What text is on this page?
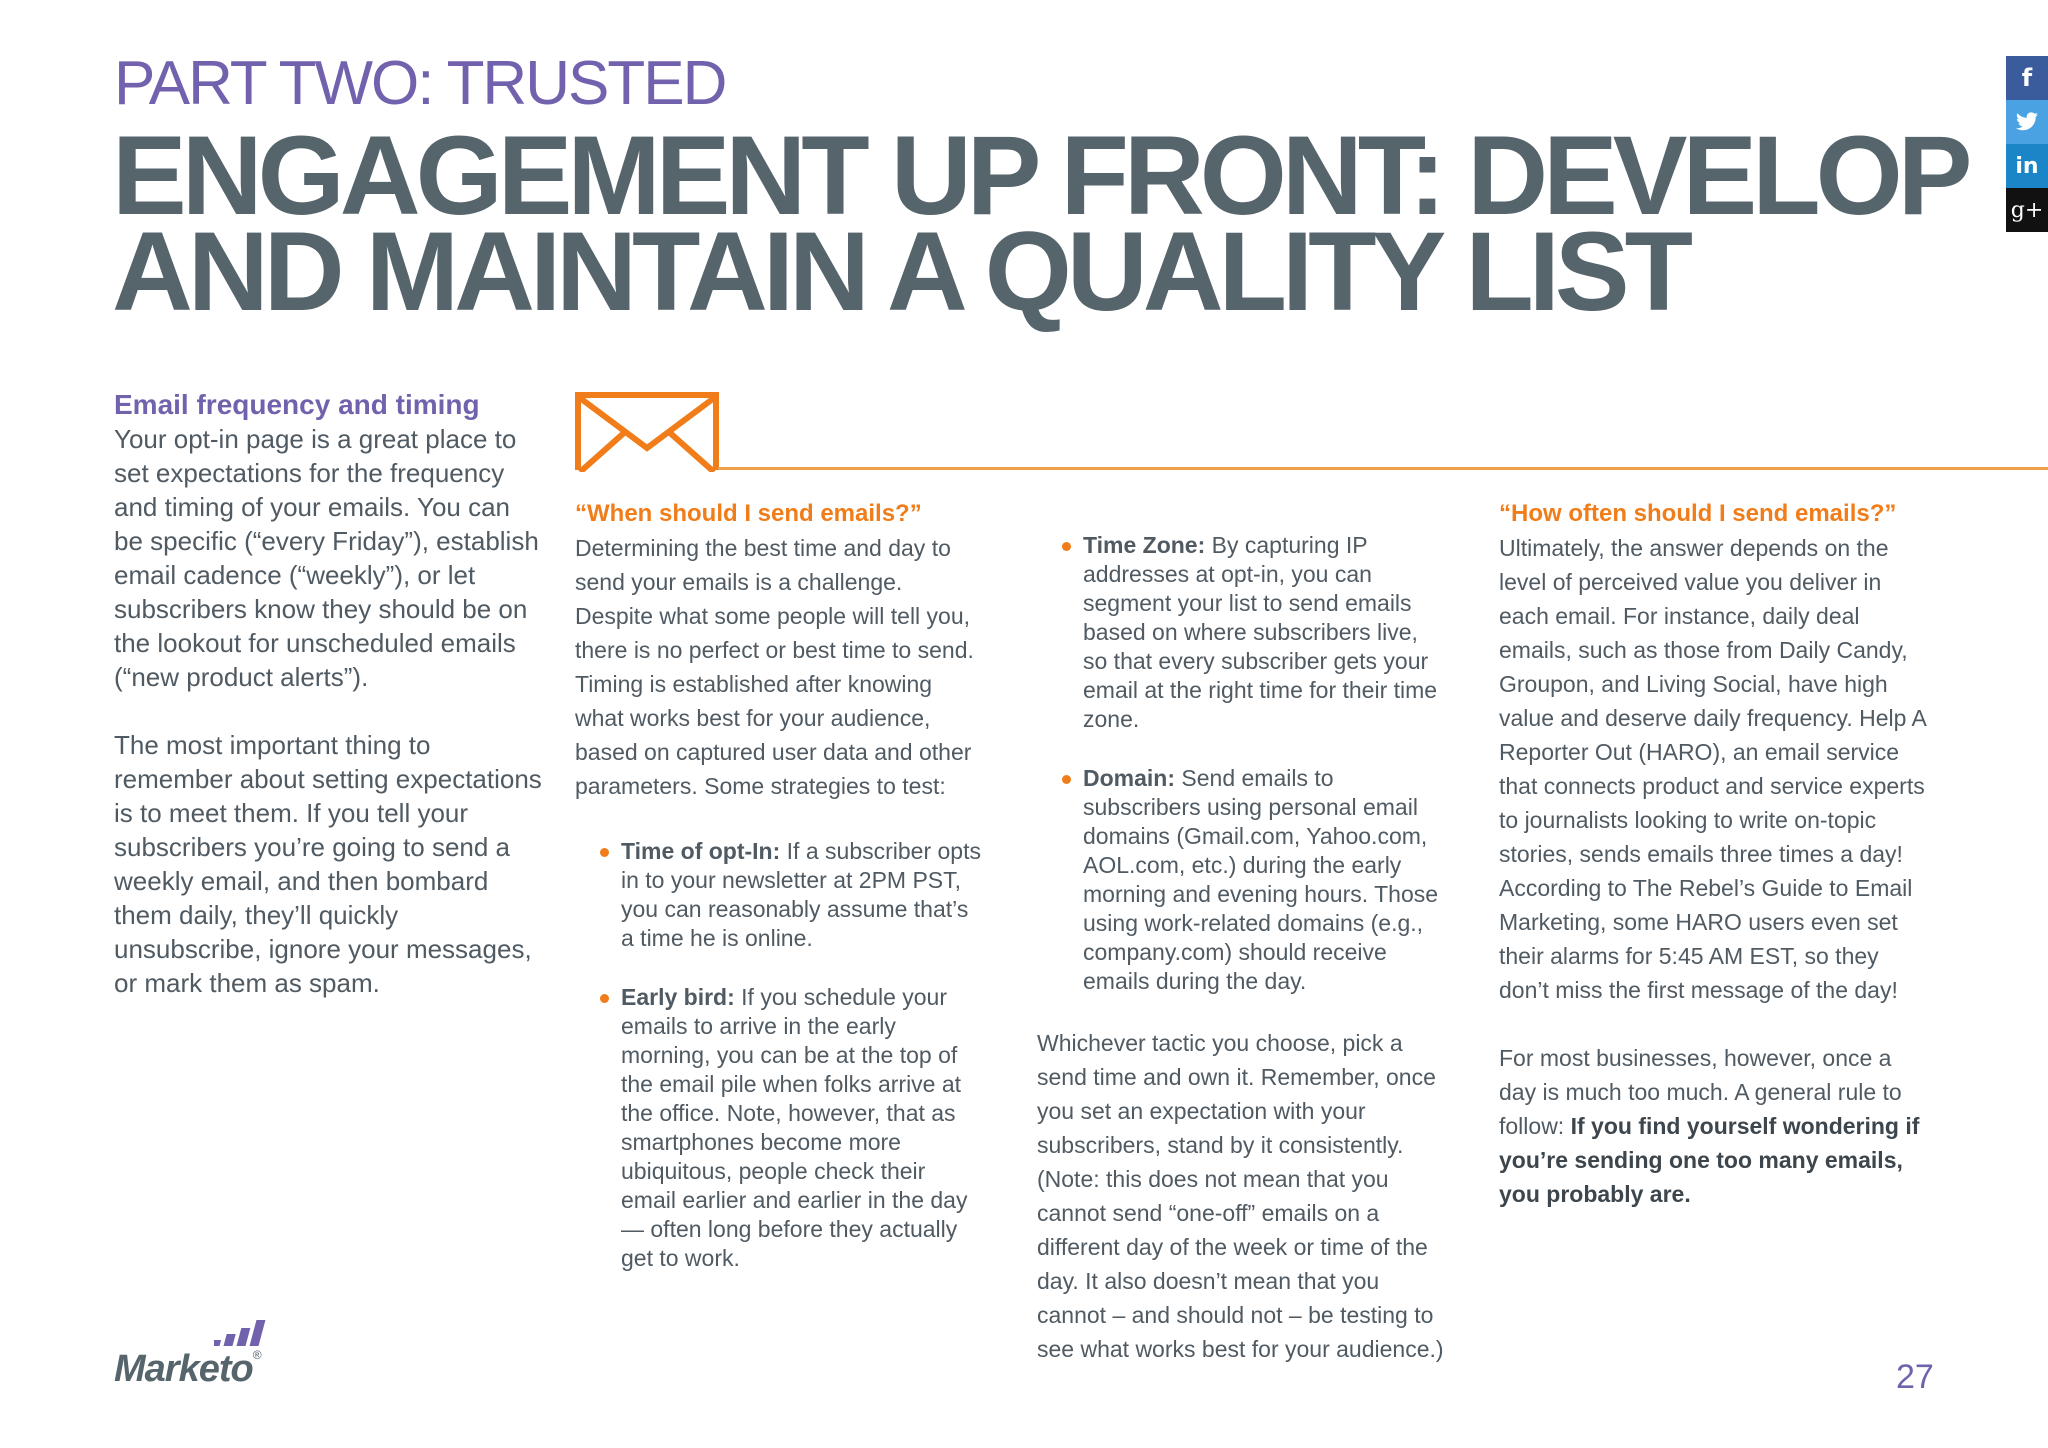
PART TWO: TRUSTED
ENGAGEMENT UP FRONT: DEVELOP
AND MAINTAIN A QUALITY LIST
Email frequency and timing

Your opt-in page is a great place to set expectations for the frequency and timing of your emails. You can be specific (“every Friday”), establish email cadence (“weekly”), or let subscribers know they should be on the lookout for unscheduled emails (“new product alerts”).

The most important thing to remember about setting expectations is to meet them. If you tell your subscribers you’re going to send a weekly email, and then bombard them daily, they’ll quickly unsubscribe, ignore your messages, or mark them as spam.

“When should I send emails?”

Determining the best time and day to send your emails is a challenge. Despite what some people will tell you, there is no perfect or best time to send. Timing is established after knowing what works best for your audience, based on captured user data and other parameters. Some strategies to test:

Time of opt-In: If a subscriber opts in to your newsletter at 2PM PST, you can reasonably assume that’s a time he is online.
Early bird: If you schedule your emails to arrive in the early morning, you can be at the top of the email pile when folks arrive at the office. Note, however, that as smartphones become more ubiquitous, people check their email earlier and earlier in the day — often long before they actually get to work.
Time Zone: By capturing IP addresses at opt-in, you can segment your list to send emails based on where subscribers live, so that every subscriber gets your email at the right time for their time zone.
Domain: Send emails to subscribers using personal email domains (Gmail.com, Yahoo.com, AOL.com, etc.) during the early morning and evening hours. Those using work-related domains (e.g., company.com) should receive emails during the day.

Whichever tactic you choose, pick a send time and own it. Remember, once you set an expectation with your subscribers, stand by it consistently. (Note: this does not mean that you cannot send “one-off” emails on a different day of the week or time of the day. It also doesn’t mean that you cannot – and should not – be testing to see what works best for your audience.)

“How often should I send emails?”

Ultimately, the answer depends on the level of perceived value you deliver in each email. For instance, daily deal emails, such as those from Daily Candy, Groupon, and Living Social, have high value and deserve daily frequency. Help A Reporter Out (HARO), an email service that connects product and service experts to journalists looking to write on-topic stories, sends emails three times a day! According to The Rebel’s Guide to Email Marketing, some HARO users even set their alarms for 5:45 AM EST, so they don’t miss the first message of the day!

For most businesses, however, once a day is much too much. A general rule to follow: If you find yourself wondering if you’re sending one too many emails, you probably are.

Marketo®
27
f
in
g+
